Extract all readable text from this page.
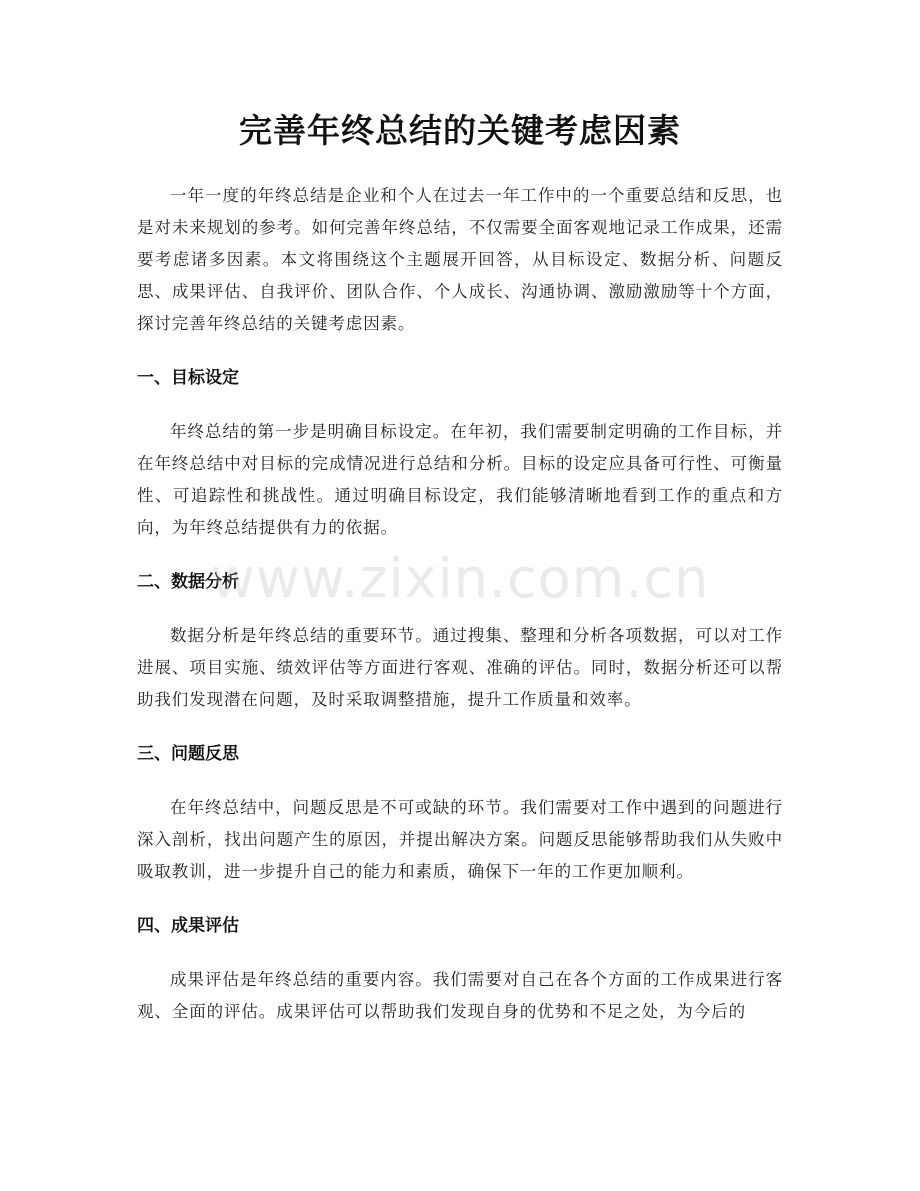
完善年终总结的关键考虑因素

一年一度的年终总结是企业和个人在过去一年工作中的一个重要总结和反思，也是对未来规划的参考。如何完善年终总结，不仅需要全面客观地记录工作成果，还需要考虑诸多因素。本文将围绕这个主题展开回答，从目标设定、数据分析、问题反思、成果评估、自我评价、团队合作、个人成长、沟通协调、激励激励等十个方面，探讨完善年终总结的关键考虑因素。

一、目标设定

年终总结的第一步是明确目标设定。在年初，我们需要制定明确的工作目标，并在年终总结中对目标的完成情况进行总结和分析。目标的设定应具备可行性、可衡量性、可追踪性和挑战性。通过明确目标设定，我们能够清晰地看到工作的重点和方向，为年终总结提供有力的依据。

二、数据分析

数据分析是年终总结的重要环节。通过搜集、整理和分析各项数据，可以对工作进展、项目实施、绩效评估等方面进行客观、准确的评估。同时，数据分析还可以帮助我们发现潜在问题，及时采取调整措施，提升工作质量和效率。

三、问题反思

在年终总结中，问题反思是不可或缺的环节。我们需要对工作中遇到的问题进行深入剖析，找出问题产生的原因，并提出解决方案。问题反思能够帮助我们从失败中吸取教训，进一步提升自己的能力和素质，确保下一年的工作更加顺利。

四、成果评估

成果评估是年终总结的重要内容。我们需要对自己在各个方面的工作成果进行客观、全面的评估。成果评估可以帮助我们发现自身的优势和不足之处，为今后的

www.zixin.com.cn
